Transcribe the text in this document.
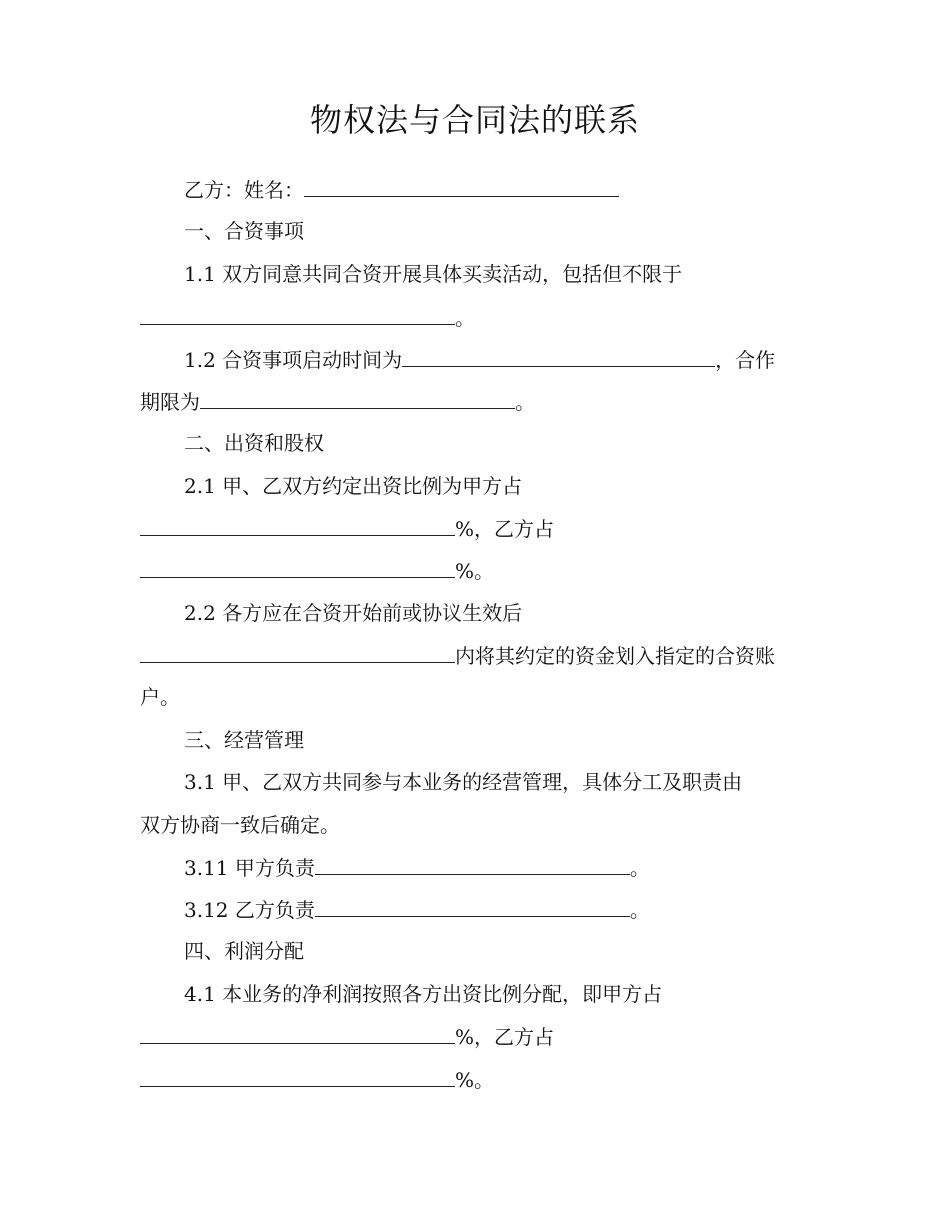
物权法与合同法的联系
乙方：姓名：
一、合资事项
1.1 双方同意共同合资开展具体买卖活动，包括但不限于
。
1.2 合资事项启动时间为	，合作
期限为	。
二、出资和股权
2.1 甲、乙双方约定出资比例为甲方占
%，乙方占
%。
2.2 各方应在合资开始前或协议生效后
内将其约定的资金划入指定的合资账
户。
三、经营管理
3.1 甲、乙双方共同参与本业务的经营管理，具体分工及职责由
双方协商一致后确定。
3.11 甲方负责	。
3.12 乙方负责	。
四、利润分配
4.1 本业务的净利润按照各方出资比例分配，即甲方占
%，乙方占
%。
